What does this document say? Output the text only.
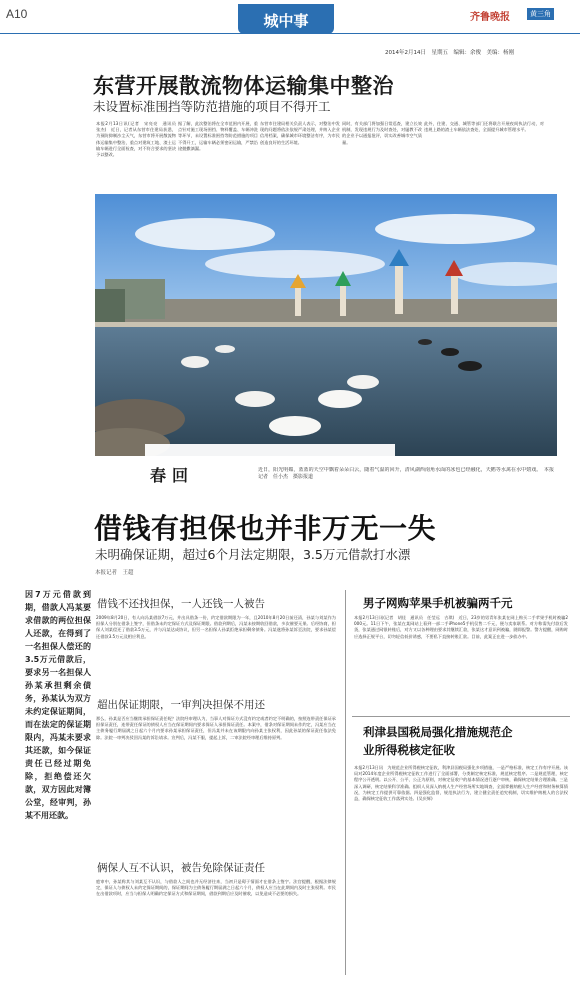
A10	城中事	齐鲁晚报	黄三角
2014年2月14日　星期五　编辑：余俊　美编：杨刚
东营开展散流物体运输集中整治
未设置标准围挡等防范措施的项目不得开工
本报2月13日讯(记者　宋亮亮　通讯员　张杰)　近日，记者从东营市住建局获悉，为预防抑制沙尘天气，东营市将开展散流物体运输集中整治，重点对建筑工地、渣土运输车辆进行全面检查，对不符合要求的坚决予以整改。
据了解，此次整治将在全市范围内开展，重点针对施工现场围挡、物料覆盖、车辆冲洗等环节，未设置标准围挡等防范措施的项目不得开工，运输车辆必须密闭运输，严禁沿途抛撒滴漏。
东营市住建局相关负责人表示，对整治中发现的问题将依法依规严肃处理，并纳入企业信用档案，确保城市环境整洁有序，为市民创造良好的生活环境。
同时，有关部门将加强日常巡查，建立长效机制，发现违规行为及时查处，对屡教不改的企业予以通报批评，切实改善城市空气质量。
此外，住建、交通、城管等部门还将联合开展夜间执法行动，对违规上路的渣土车辆依法查处，全面提升城市管理水平。
春回	近日，阳光明媚，蓝蓝的天空中飘着朵朵白云，随着气温的回升，清风湖西南角水面的冰也已经融化，天鹅等水禽在水中嬉戏。　本报记者　任小杰　摄影报道
借钱有担保也并非万无一失
未明确保证期，超过6个月法定期限，3.5万元借款打水漂
本报记者　王超
因7万元借款到期，借款人冯某要求借款的两位担保人还款，在得到了一名担保人偿还的3.5万元借款后，要求另一名担保人孙某承担剩余债务，孙某认为双方未约定保证期间，而在法定的保证期限内，冯某未要求其还款，如今保证责任已经过期免除，拒绝偿还欠款，双方因此对簿公堂，经审判，孙某不用还款。
借钱不还找担保，一人还钱一人被告
2009年8月20日，有人向冯某借款7万元，并出具借条一份，约定借款期限为一年，且2010年8月20日前还清，孙某与刘某作为担保人分别在借条上签字，但借条未约定保证方式及保证期限。借款到期后，冯某未按期收回借款，多次催要无果。后经协商，担保人刘某偿还了借款3.5万元，并与冯某达成协议，但另一名担保人孙某拒绝承担剩余债务。冯某遂将孙某诉至法院，要求孙某偿还借款3.5万元及相应利息。
超出保证期限，一审判决担保不用还
那么，孙某是否应当继续承担保证责任呢？法院经审理认为，当事人对保证方式没有约定或者约定不明确的，按照连带责任保证承担保证责任，连带责任保证的债权人应当在保证期间内要求保证人承担保证责任。本案中，借条对保证期间未作约定，冯某应当在主债务履行期届满之日起六个月内要求孙某承担保证责任，但冯某并未在该期限内向孙某主张权利，因此孙某的保证责任依法免除。法院一审判决驳回冯某的诉讼请求。宣判后，冯某不服，提起上诉，二审法院经审理后维持原判。
俩保人互不认识，被告免除保证责任
庭审中，孙某称其与刘某互不认识，与借款人之间也并无经济往来，当初只是碍于情面才在借条上签字。法官提醒，根据法律规定，保证人与债权人未约定保证期间的，保证期间为主债务履行期届满之日起六个月，债权人应当在此期间内及时主张权利。市民在出借款项时，应当与担保人明确约定保证方式和保证期间，借款到期后应及时催收，以免造成不必要的损失。
男子网购苹果手机被骗两千元
本报2月13日讯(记者　胡佳　通讯员　任莹远　吉琪)　近日，23岁的男青年张某在网上购买二手苹果手机时被骗2000元。11日下午，张某在某网站上看到一部二手iPhone5手机仅售二千元，便与卖家联系。对方称需先付款后发货，张某通过网银转账后，对方又以各种理由要求其继续汇款，张某这才意识到被骗，随即报警。警方提醒，网购时应选择正规平台，切勿轻信低价诱惑，不要私下直接转账汇款。目前，此案正在进一步侦办中。
利津县国税局强化措施规范企业所得税核定征收
本报2月13日讯　为规范企业所得税核定征收，利津县国税局强化多项措施，一是严格标准，核定工作有序开展。该局对2014年度企业所得税核定征收工作进行了全面部署，分类制定核定标准，规范核定程序。二是规范管理，核定程序公开透明。以公开、公平、公正为原则，对核定征收户的基本情况进行逐户审核，确保核定结果合理准确。三是深入调研，核定结果科学准确。组织人员深入纳税人生产经营场所实地调查，全面掌握纳税人生产经营和财务核算情况，为核定工作提供可靠依据。四是强化监督，规范执法行为，建立健全责任追究机制，切实维护纳税人的合法权益，确保核定征收工作落到实处。(吴庆辉)
